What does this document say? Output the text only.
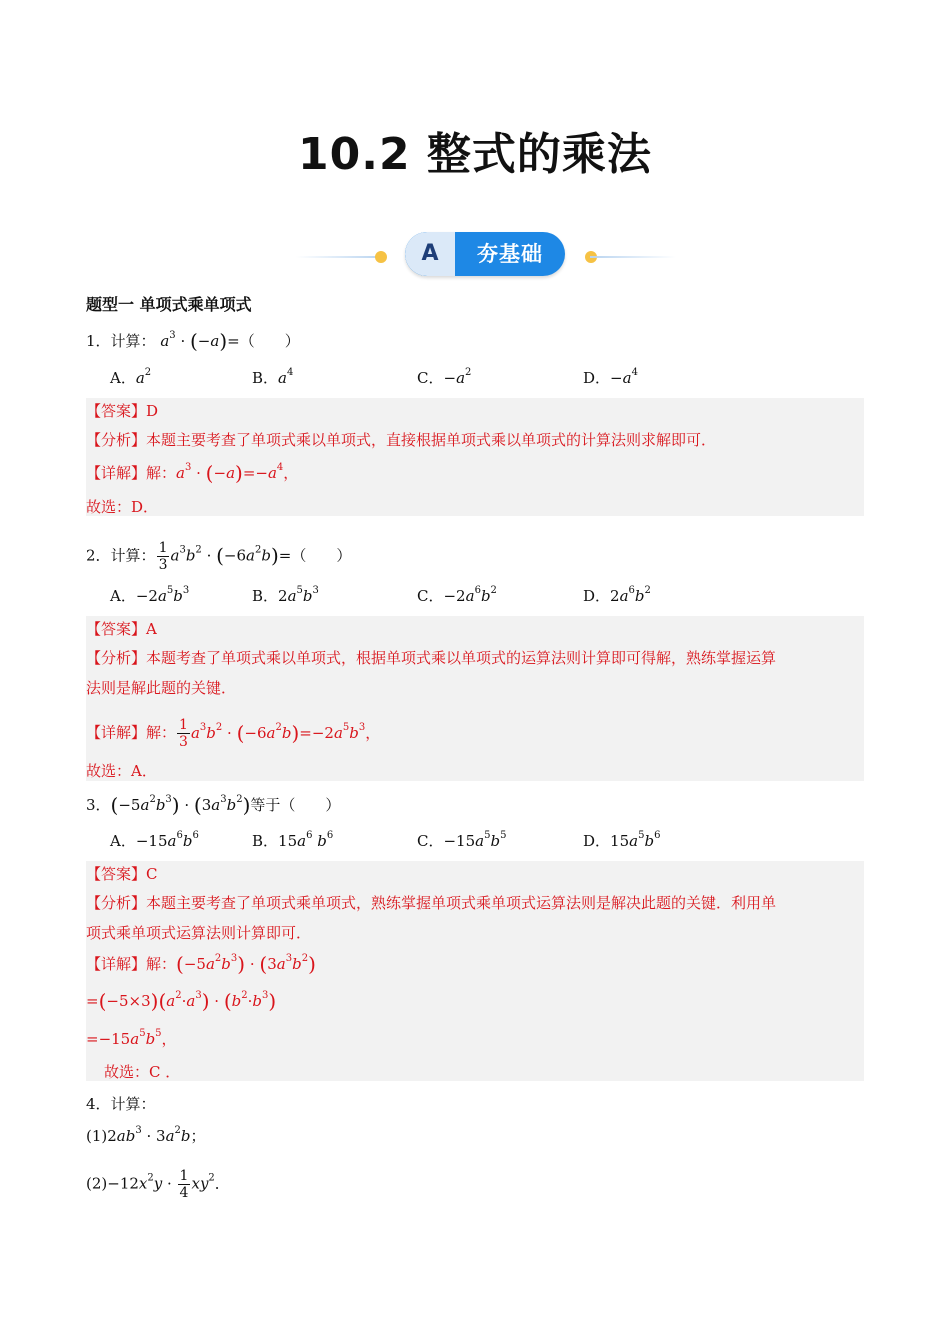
10.2 整式的乘法
A	夯基础
题型一 单项式乘单项式
1．计算： $a^3 \cdot (-a)=$（　　）
A．$a^2$	B．$a^4$	C．$-a^2$	D．$-a^4$
【答案】D
【分析】本题主要考查了单项式乘以单项式，直接根据单项式乘以单项式的计算法则求解即可．
【详解】解：$a^3 \cdot (-a)=-a^4$，
故选：D．
2．计算： $\frac{1}{3} a^3b^2 \cdot (-6a^2b)=$（　　）
A．$-2a^5b^3$	B．$2a^5b^3$	C．$-2a^6b^2$	D．$2a^6b^2$
【答案】A
【分析】本题考查了单项式乘以单项式，根据单项式乘以单项式的运算法则计算即可得解，熟练掌握运算
法则是解此题的关键．
【详解】解： $\frac{1}{3} a^3b^2 \cdot (-6a^2b)=-2a^5b^3$，
故选：A．
3．$(-5a^2b^3) \cdot (3a^3b^2)$等于（　　）
A．$-15a^6b^6$	B．$15a^6$ $b^6$	C．$-15a^5b^5$	D．$15a^5b^6$
【答案】C
【分析】本题主要考查了单项式乘单项式，熟练掌握单项式乘单项式运算法则是解决此题的关键．利用单
项式乘单项式运算法则计算即可．
【详解】解：$(-5a^2b^3) \cdot (3a^3b^2)$
$=(-5\times 3)(a^2\cdot a^3) \cdot (b^2\cdot b^3)$
$=-15a^5b^5$，
故选：C ．
4．计算：
$(1)2ab^3 \cdot 3a^2b$；
$(2)-12x^2y \cdot \frac{1}{4} xy^2$．
